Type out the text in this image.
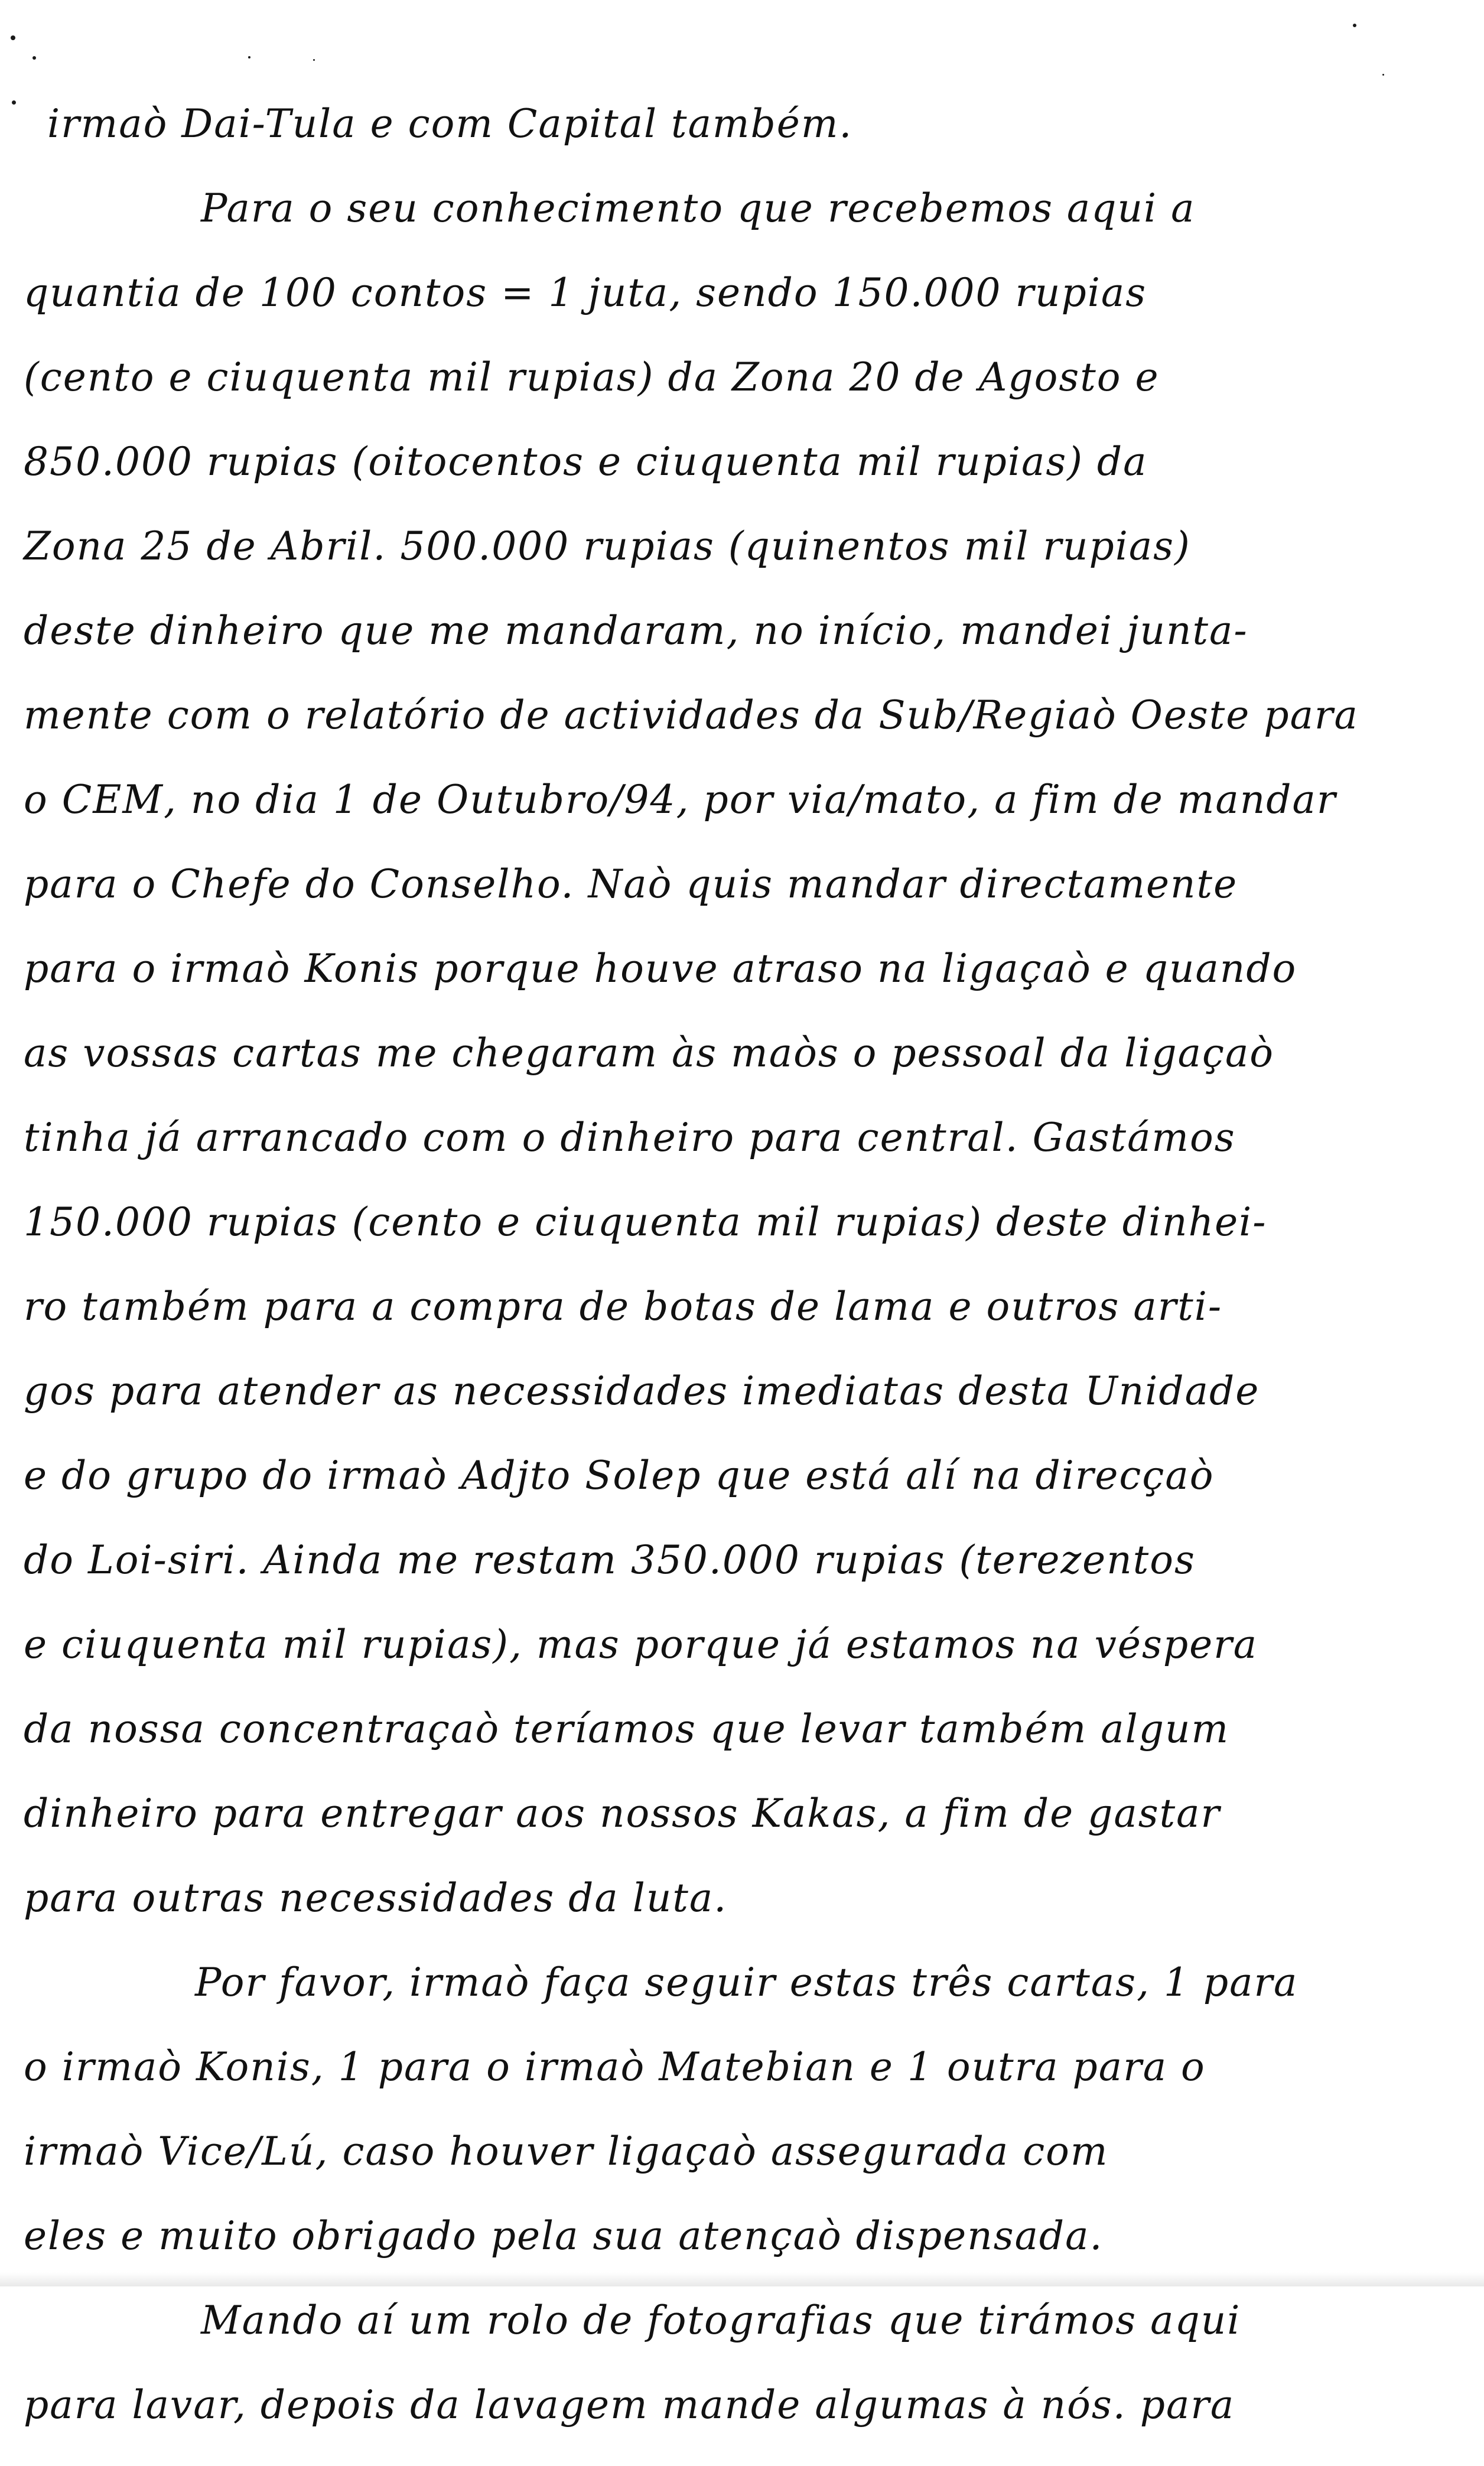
irmaò Dai-Tula e com Capital também.
Para o seu conhecimento que recebemos aqui a
quantia de 100 contos = 1 juta, sendo 150.000 rupias
(cento e ciuquenta mil rupias) da Zona 20 de Agosto e
850.000 rupias (oitocentos e ciuquenta mil rupias) da
Zona 25 de Abril. 500.000 rupias (quinentos mil rupias)
deste dinheiro que me mandaram, no início, mandei junta-
mente com o relatório de actividades da Sub/Regiaò Oeste para
o CEM, no dia 1 de Outubro/94, por via/mato, a fim de mandar
para o Chefe do Conselho. Naò quis mandar directamente
para o irmaò Konis porque houve atraso na ligaçaò e quando
as vossas cartas me chegaram às maòs o pessoal da ligaçaò
tinha já arrancado com o dinheiro para central. Gastámos
150.000 rupias (cento e ciuquenta mil rupias) deste dinhei-
ro também para a compra de botas de lama e outros arti-
gos para atender as necessidades imediatas desta Unidade
e do grupo do irmaò Adjto Solep que está alí na direcçaò
do Loi-siri. Ainda me restam 350.000 rupias (terezentos
e ciuquenta mil rupias), mas porque já estamos na véspera
da nossa concentraçaò teríamos que levar também algum
dinheiro para entregar aos nossos Kakas, a fim de gastar
para outras necessidades da luta.
Por favor, irmaò faça seguir estas três cartas, 1 para
o irmaò Konis, 1 para o irmaò Matebian e 1 outra para o
irmaò Vice/Lú, caso houver ligaçaò assegurada com
eles e muito obrigado pela sua atençaò dispensada.
Mando aí um rolo de fotografias que tirámos aqui
para lavar, depois da lavagem mande algumas à nós. para
